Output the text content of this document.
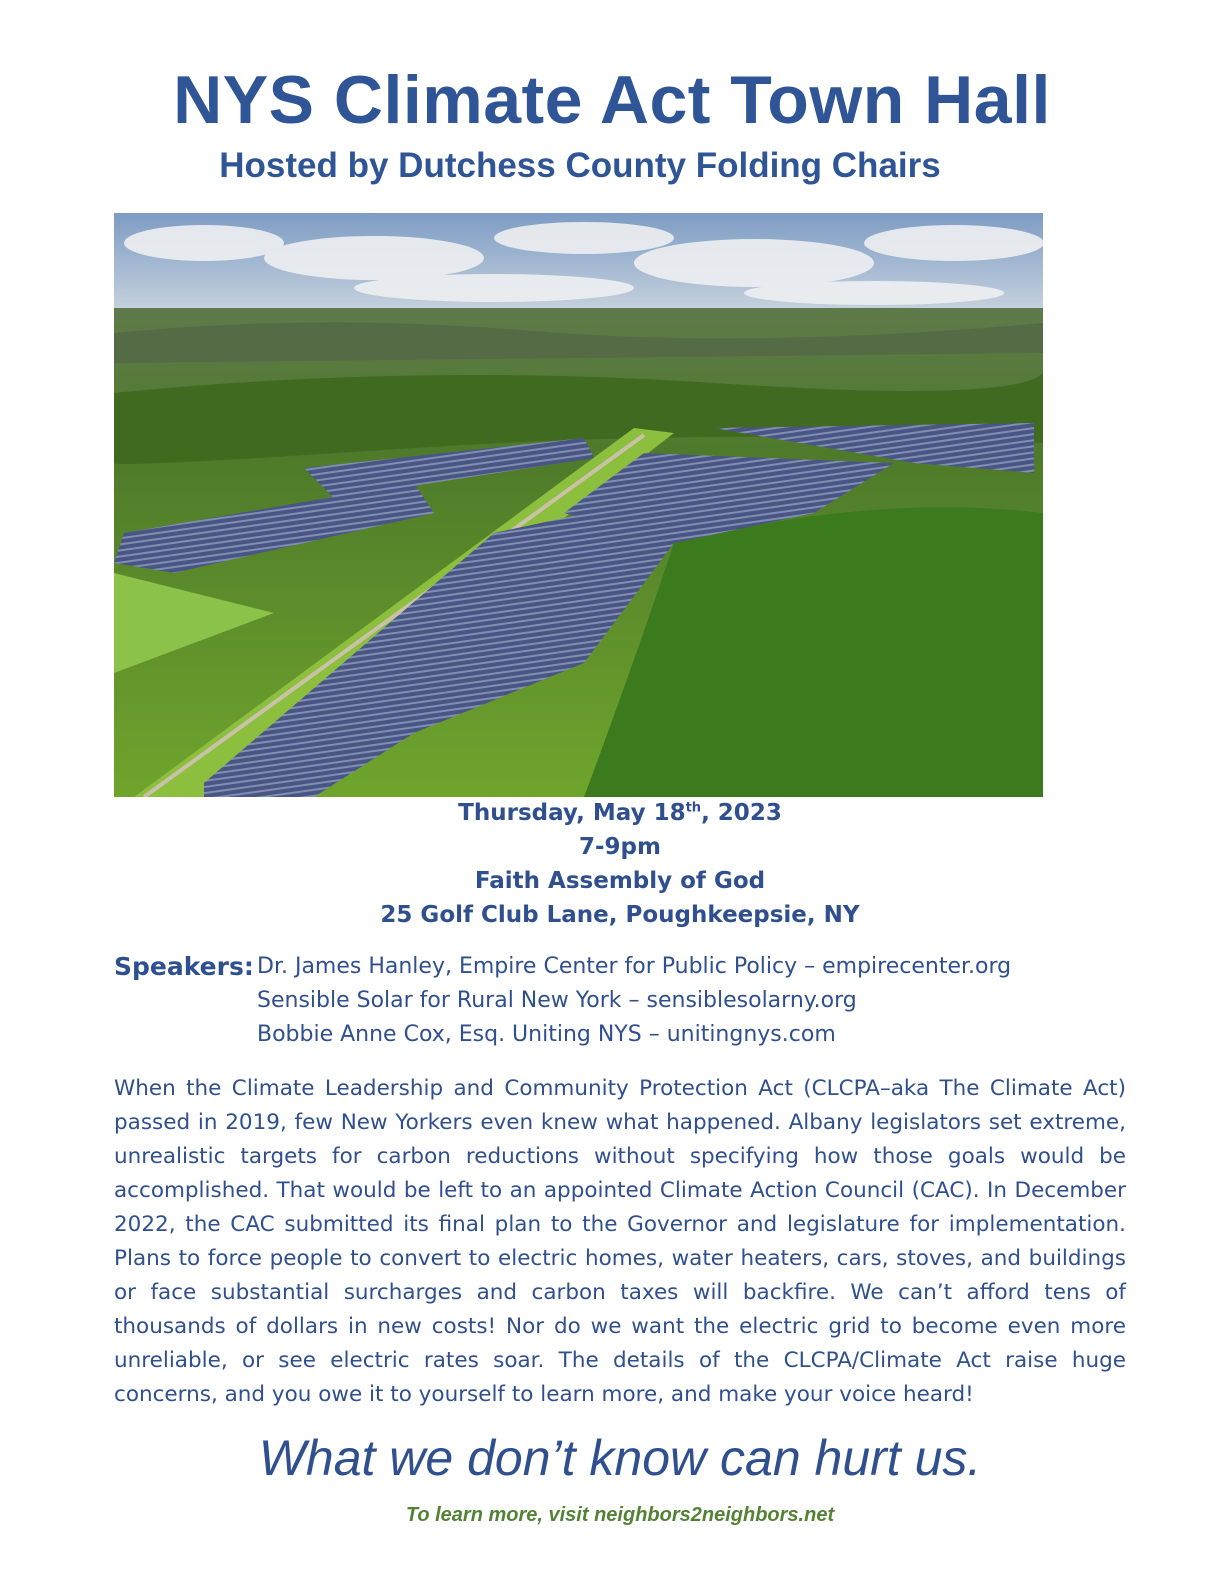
NYS Climate Act Town Hall
Hosted by Dutchess County Folding Chairs
Thursday, May 18th, 2023
7-9pm
Faith Assembly of God
25 Golf Club Lane, Poughkeepsie, NY
Speakers: Dr. James Hanley, Empire Center for Public Policy – empirecenter.org
Sensible Solar for Rural New York – sensiblesolarny.org
Bobbie Anne Cox, Esq. Uniting NYS – unitingnys.com
When the Climate Leadership and Community Protection Act (CLCPA–aka The Climate Act) passed in 2019, few New Yorkers even knew what happened. Albany legislators set extreme, unrealistic targets for carbon reductions without specifying how those goals would be accomplished. That would be left to an appointed Climate Action Council (CAC). In December 2022, the CAC submitted its final plan to the Governor and legislature for implementation. Plans to force people to convert to electric homes, water heaters, cars, stoves, and buildings or face substantial surcharges and carbon taxes will backfire. We can’t afford tens of thousands of dollars in new costs! Nor do we want the electric grid to become even more unreliable, or see electric rates soar. The details of the CLCPA/Climate Act raise huge concerns, and you owe it to yourself to learn more, and make your voice heard!
What we don’t know can hurt us.
To learn more, visit neighbors2neighbors.net
